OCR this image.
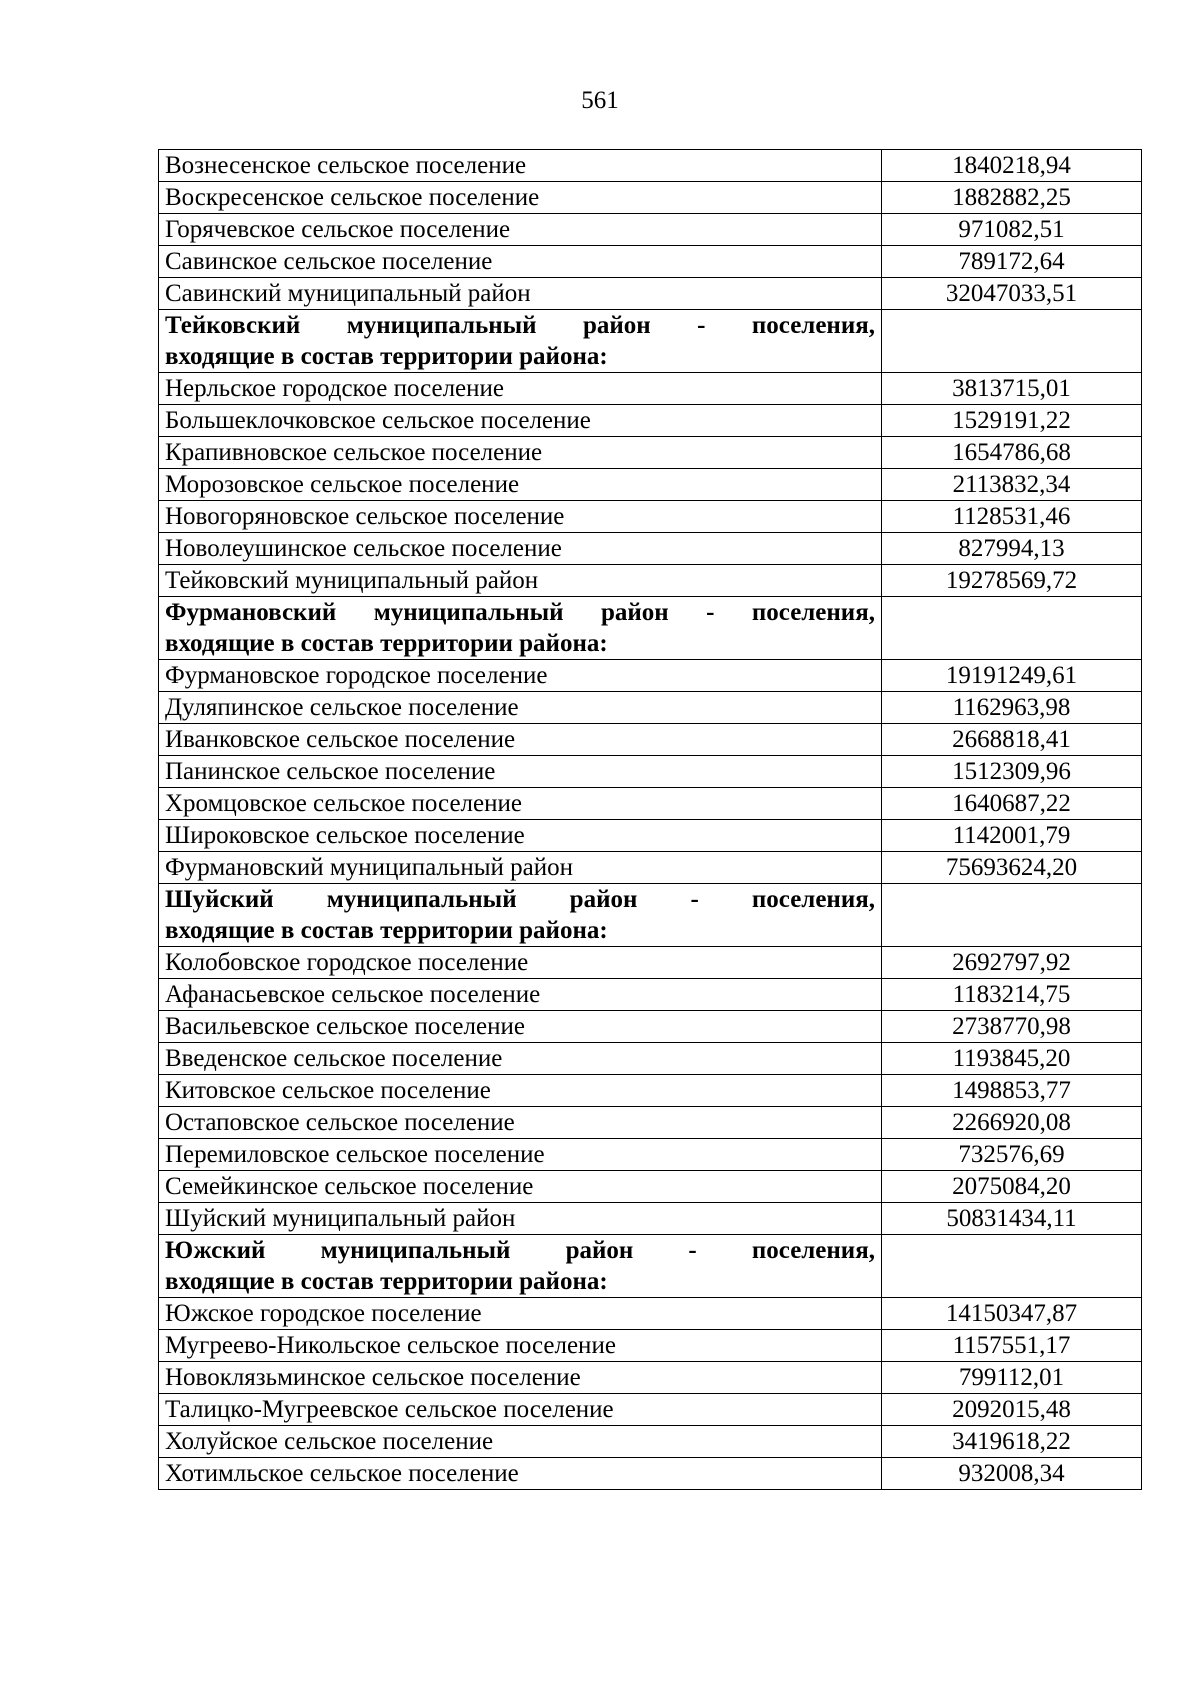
561
Вознесенское сельское поселение	1840218,94
Воскресенское сельское поселение	1882882,25
Горячевское сельское поселение	971082,51
Савинское сельское поселение	789172,64
Савинский муниципальный район	32047033,51

Тейковский муниципальный район - поселения,
входящие в состав территории района:	

Нерльское городское поселение	3813715,01
Большеклочковское сельское поселение	1529191,22
Крапивновское сельское поселение	1654786,68
Морозовское сельское поселение	2113832,34
Новогоряновское сельское поселение	1128531,46
Новолеушинское сельское поселение	827994,13
Тейковский муниципальный район	19278569,72

Фурмановский муниципальный район - поселения,
входящие в состав территории района:	

Фурмановское городское поселение	19191249,61
Дуляпинское сельское поселение	1162963,98
Иванковское сельское поселение	2668818,41
Панинское сельское поселение	1512309,96
Хромцовское сельское поселение	1640687,22
Широковское сельское поселение	1142001,79
Фурмановский муниципальный район	75693624,20

Шуйский муниципальный район - поселения,
входящие в состав территории района:	

Колобовское городское поселение	2692797,92
Афанасьевское сельское поселение	1183214,75
Васильевское сельское поселение	2738770,98
Введенское сельское поселение	1193845,20
Китовское сельское поселение	1498853,77
Остаповское сельское поселение	2266920,08
Перемиловское сельское поселение	732576,69
Семейкинское сельское поселение	2075084,20
Шуйский муниципальный район	50831434,11

Южский муниципальный район - поселения,
входящие в состав территории района:	

Южское городское поселение	14150347,87
Мугреево-Никольское сельское поселение	1157551,17
Новоклязьминское сельское поселение	799112,01
Талицко-Мугреевское сельское поселение	2092015,48
Холуйское сельское поселение	3419618,22
Хотимльское сельское поселение	932008,34
